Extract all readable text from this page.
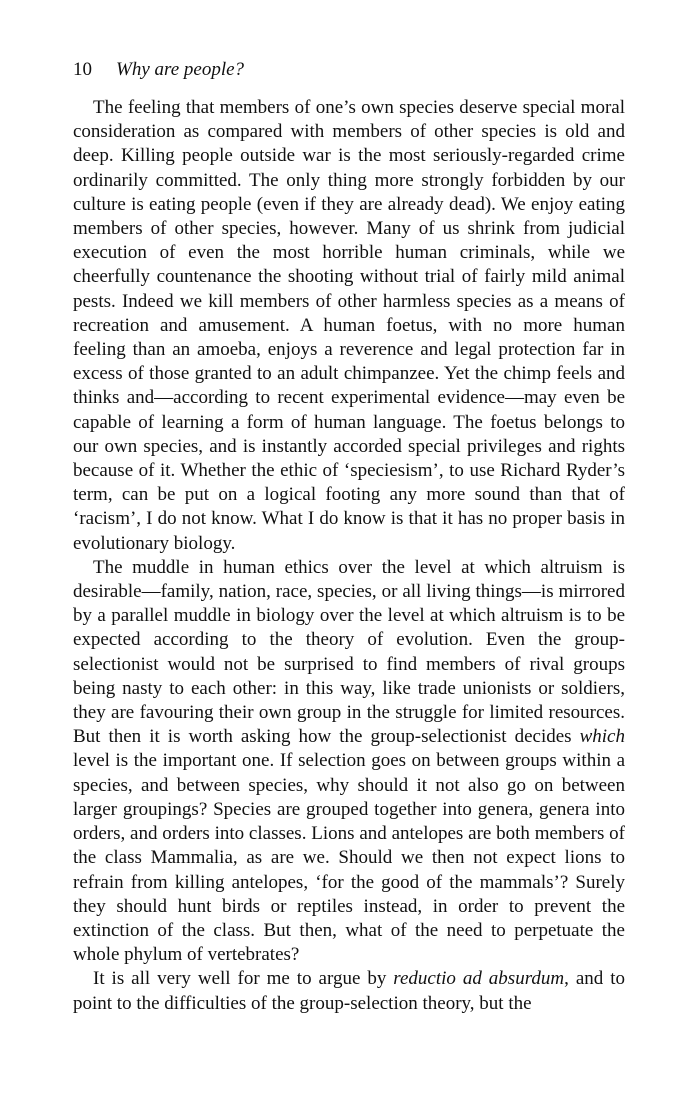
10 Why are people?

The feeling that members of one’s own species deserve special moral consideration as compared with members of other species is old and deep. Killing people outside war is the most seriously-regarded crime ordinarily committed. The only thing more strongly forbidden by our culture is eating people (even if they are already dead). We enjoy eating members of other species, however. Many of us shrink from judicial execution of even the most horrible human criminals, while we cheerfully countenance the shooting without trial of fairly mild animal pests. Indeed we kill members of other harmless species as a means of recreation and amusement. A human foetus, with no more human feeling than an amoeba, enjoys a reverence and legal protection far in excess of those granted to an adult chimpanzee. Yet the chimp feels and thinks and—according to recent experimental evidence—may even be capable of learning a form of human language. The foetus belongs to our own species, and is instantly accorded special privileges and rights because of it. Whether the ethic of ‘speciesism’, to use Richard Ryder’s term, can be put on a logical footing any more sound than that of ‘racism’, I do not know. What I do know is that it has no proper basis in evolutionary biology.

The muddle in human ethics over the level at which altruism is desirable—family, nation, race, species, or all living things—is mirrored by a parallel muddle in biology over the level at which altruism is to be expected according to the theory of evolution. Even the group-selectionist would not be surprised to find members of rival groups being nasty to each other: in this way, like trade unionists or soldiers, they are favouring their own group in the struggle for limited resources. But then it is worth asking how the group-selectionist decides which level is the important one. If selection goes on between groups within a species, and between species, why should it not also go on between larger groupings? Species are grouped together into genera, genera into orders, and orders into classes. Lions and antelopes are both members of the class Mammalia, as are we. Should we then not expect lions to refrain from killing antelopes, ‘for the good of the mammals’? Surely they should hunt birds or reptiles instead, in order to prevent the extinction of the class. But then, what of the need to perpetuate the whole phylum of vertebrates?

It is all very well for me to argue by reductio ad absurdum, and to point to the difficulties of the group-selection theory, but the
